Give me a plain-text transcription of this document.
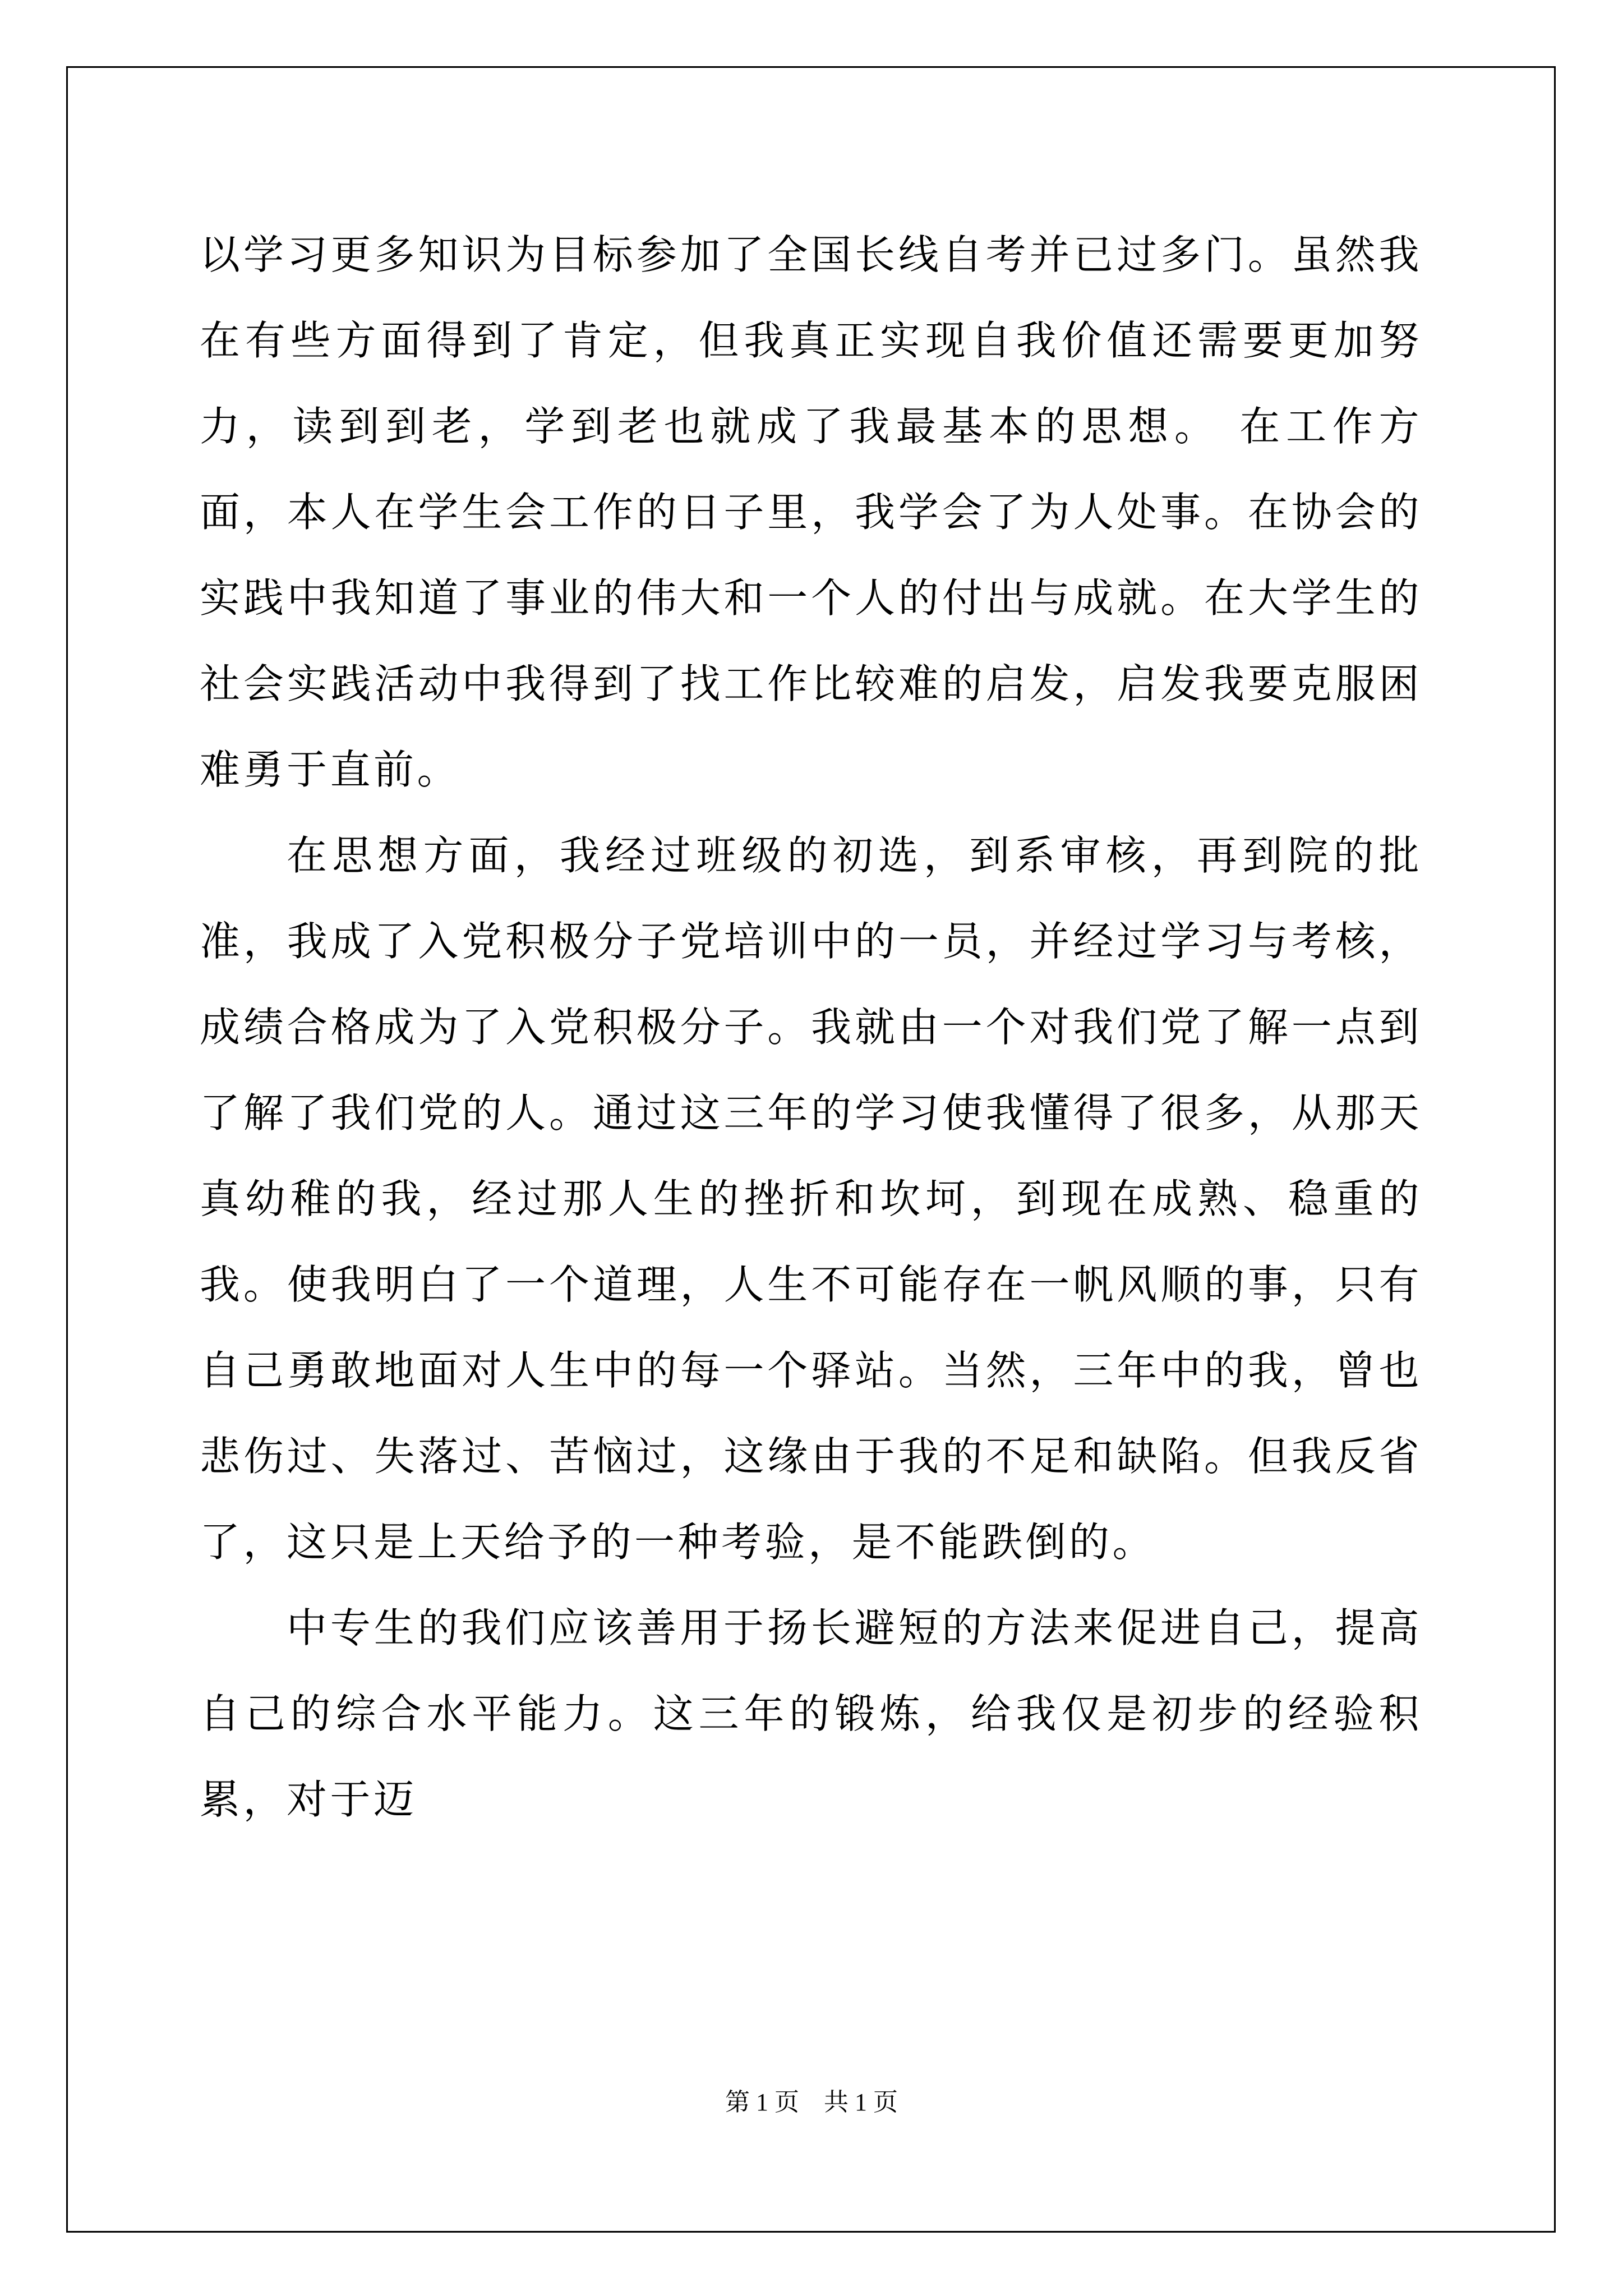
以学习更多知识为目标参加了全国长线自考并已过多门。虽然我在有些方面得到了肯定，但我真正实现自我价值还需要更加努力，读到到老，学到老也就成了我最基本的思想。 在工作方面，本人在学生会工作的日子里，我学会了为人处事。在协会的实践中我知道了事业的伟大和一个人的付出与成就。在大学生的社会实践活动中我得到了找工作比较难的启发，启发我要克服困难勇于直前。

在思想方面，我经过班级的初选，到系审核，再到院的批准，我成了入党积极分子党培训中的一员，并经过学习与考核，成绩合格成为了入党积极分子。我就由一个对我们党了解一点到了解了我们党的人。通过这三年的学习使我懂得了很多，从那天真幼稚的我，经过那人生的挫折和坎坷，到现在成熟、稳重的我。使我明白了一个道理，人生不可能存在一帆风顺的事，只有自己勇敢地面对人生中的每一个驿站。当然，三年中的我，曾也悲伤过、失落过、苦恼过，这缘由于我的不足和缺陷。但我反省了，这只是上天给予的一种考验，是不能跌倒的。

中专生的我们应该善用于扬长避短的方法来促进自己，提高自己的综合水平能力。这三年的锻炼，给我仅是初步的经验积累，对于迈

第 1 页　共 1 页
